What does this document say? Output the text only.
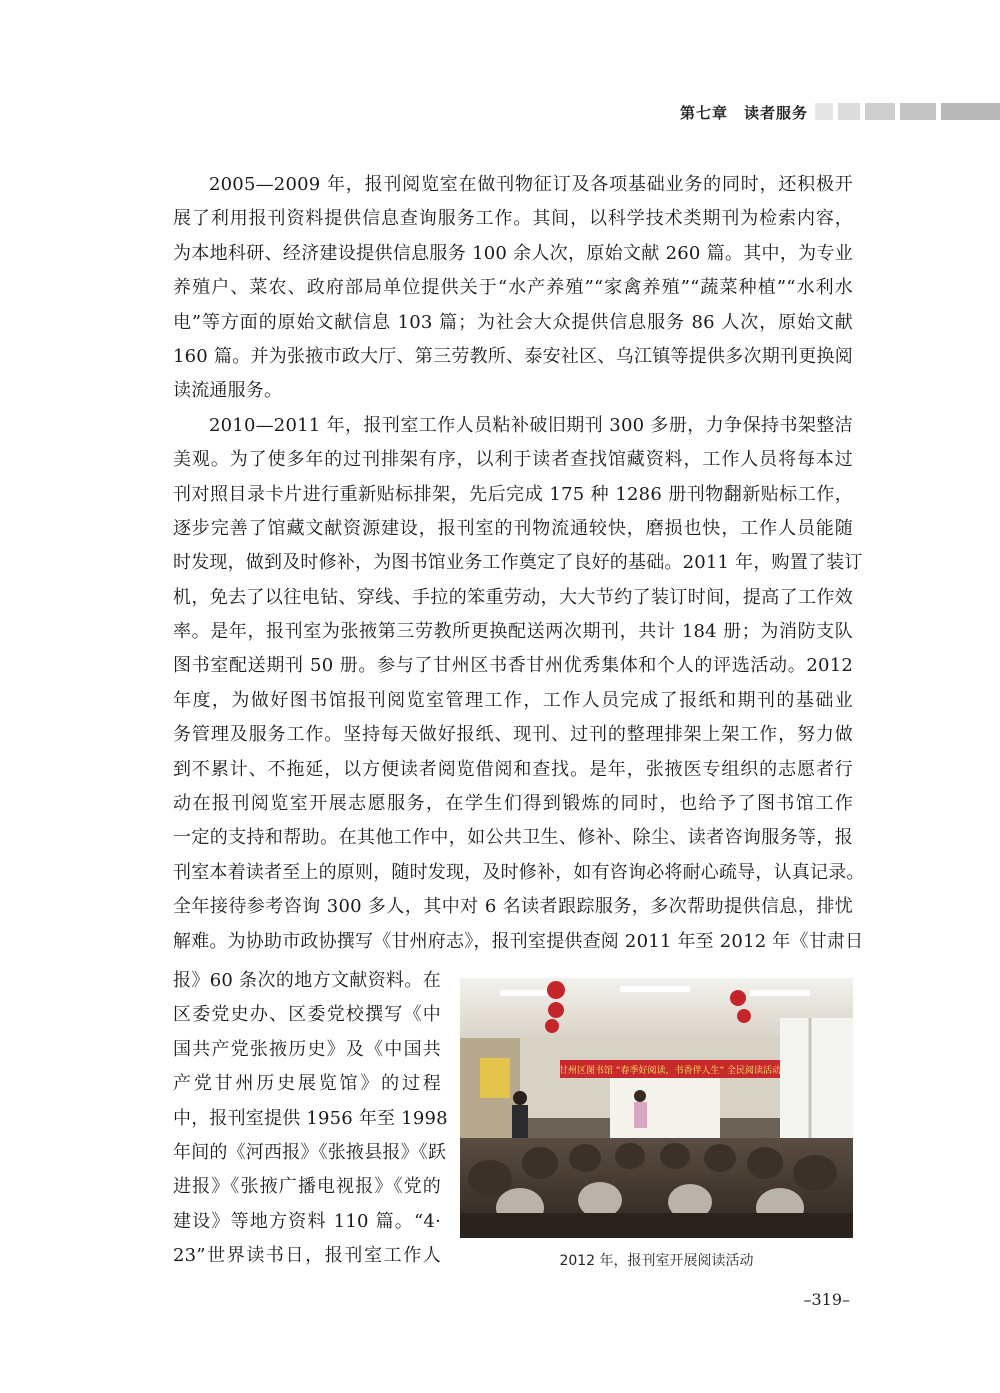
第七章　读者服务
2005—2009 年，报刊阅览室在做刊物征订及各项基础业务的同时，还积极开
展了利用报刊资料提供信息查询服务工作。其间，以科学技术类期刊为检索内容，
为本地科研、经济建设提供信息服务 100 余人次，原始文献 260 篇。其中，为专业
养殖户、菜农、政府部局单位提供关于“水产养殖”“家禽养殖”“蔬菜种植”“水利水
电”等方面的原始文献信息 103 篇；为社会大众提供信息服务 86 人次，原始文献
160 篇。并为张掖市政大厅、第三劳教所、泰安社区、乌江镇等提供多次期刊更换阅
读流通服务。
2010—2011 年，报刊室工作人员粘补破旧期刊 300 多册，力争保持书架整洁
美观。为了使多年的过刊排架有序，以利于读者查找馆藏资料，工作人员将每本过
刊对照目录卡片进行重新贴标排架，先后完成 175 种 1286 册刊物翻新贴标工作，
逐步完善了馆藏文献资源建设，报刊室的刊物流通较快，磨损也快，工作人员能随
时发现，做到及时修补，为图书馆业务工作奠定了良好的基础。2011 年，购置了装订
机，免去了以往电钻、穿线、手拉的笨重劳动，大大节约了装订时间，提高了工作效
率。是年，报刊室为张掖第三劳教所更换配送两次期刊，共计 184 册；为消防支队
图书室配送期刊 50 册。参与了甘州区书香甘州优秀集体和个人的评选活动。2012
年度，为做好图书馆报刊阅览室管理工作，工作人员完成了报纸和期刊的基础业
务管理及服务工作。坚持每天做好报纸、现刊、过刊的整理排架上架工作，努力做
到不累计、不拖延，以方便读者阅览借阅和查找。是年，张掖医专组织的志愿者行
动在报刊阅览室开展志愿服务，在学生们得到锻炼的同时，也给予了图书馆工作
一定的支持和帮助。在其他工作中，如公共卫生、修补、除尘、读者咨询服务等，报
刊室本着读者至上的原则，随时发现，及时修补，如有咨询必将耐心疏导，认真记录。
全年接待参考咨询 300 多人，其中对 6 名读者跟踪服务，多次帮助提供信息，排忧
解难。为协助市政协撰写《甘州府志》，报刊室提供查阅 2011 年至 2012 年《甘肃日
报》60 条次的地方文献资料。在
区委党史办、区委党校撰写《中
国共产党张掖历史》及《中国共
产党甘州历史展览馆》的过程
中，报刊室提供 1956 年至 1998
年间的《河西报》《张掖县报》《跃
进报》《张掖广播电视报》《党的
建设》等地方资料 110 篇。“4·
23”世界读书日，报刊室工作人
甘州区图书馆 “春季好阅读，书香伴人生” 全民阅读活动
2012 年，报刊室开展阅读活动
–319–
